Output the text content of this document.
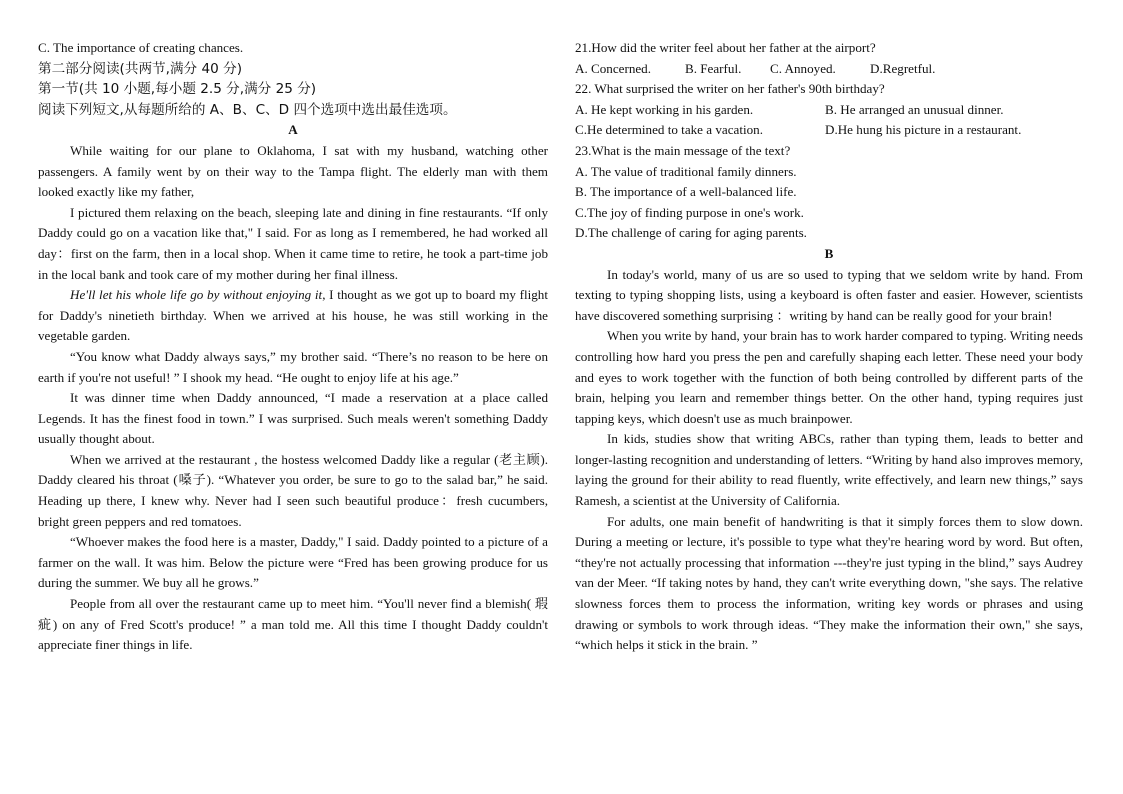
C. The importance of creating chances.
第二部分阅读(共两节,满分 40 分)
第一节(共 10 小题,每小题 2.5 分,满分 25 分)
阅读下列短文,从每题所给的 A、B、C、D 四个选项中选出最佳选项。
A
While waiting for our plane to Oklahoma, I sat with my husband, watching other passengers. A family went by on their way to the Tampa flight. The elderly man with them looked exactly like my father,
I pictured them relaxing on the beach, sleeping late and dining in fine restaurants. “If only Daddy could go on a vacation like that," I said. For as long as I remembered, he had worked all day：first on the farm, then in a local shop. When it came time to retire, he took a part-time job in the local bank and took care of my mother during her final illness.
He'll let his whole life go by without enjoying it, I thought as we got up to board my flight for Daddy's ninetieth birthday. When we arrived at his house, he was still working in the vegetable garden.
“You know what Daddy always says,” my brother said. “There’s no reason to be here on earth if you're not useful! ” I shook my head. “He ought to enjoy life at his age.”
It was dinner time when Daddy announced, “I made a reservation at a place called Legends. It has the finest food in town.” I was surprised. Such meals weren't something Daddy usually thought about.
When we arrived at the restaurant , the hostess welcomed Daddy like a regular (老主顾). Daddy cleared his throat (嗓子). “Whatever you order, be sure to go to the salad bar,” he said. Heading up there, I knew why. Never had I seen such beautiful produce：fresh cucumbers, bright green peppers and red tomatoes.
“Whoever makes the food here is a master, Daddy," I said. Daddy pointed to a picture of a farmer on the wall. It was him. Below the picture were “Fred has been growing produce for us during the summer. We buy all he grows.”
People from all over the restaurant came up to meet him. “You'll never find a blemish( 瑕疵) on any of Fred Scott's produce! ” a man told me. All this time I thought Daddy couldn't appreciate finer things in life.
21.How did the writer feel about her father at the airport?
A. Concerned.	B. Fearful. C. Annoyed.	D.Regretful.
22. What surprised the writer on her father's 90th birthday?
A. He kept working in his garden.	B. He arranged an unusual dinner.
C.He determined to take a vacation.	D.He hung his picture in a restaurant.
23.What is the main message of the text?
A. The value of traditional family dinners.
B. The importance of a well-balanced life.
C.The joy of finding purpose in one's work.
D.The challenge of caring for aging parents.
B
In today's world, many of us are so used to typing that we seldom write by hand. From texting to typing shopping lists, using a keyboard is often faster and easier. However, scientists have discovered something surprising ：writing by hand can be really good for your brain!
When you write by hand, your brain has to work harder compared to typing. Writing needs controlling how hard you press the pen and carefully shaping each letter. These need your body and eyes to work together with the function of both being controlled by different parts of the brain, helping you learn and remember things better. On the other hand, typing requires just tapping keys, which doesn't use as much brainpower.
In kids, studies show that writing ABCs, rather than typing them, leads to better and longer-lasting recognition and understanding of letters. “Writing by hand also improves memory, laying the ground for their ability to read fluently, write effectively, and learn new things,” says Ramesh, a scientist at the University of California.
For adults, one main benefit of handwriting is that it simply forces them to slow down. During a meeting or lecture, it's possible to type what they're hearing word by word. But often, “they're not actually processing that information ---they're just typing in the blind,” says Audrey van der Meer. “If taking notes by hand, they can't write everything down, "she says. The relative slowness forces them to process the information, writing key words or phrases and using drawing or symbols to work through ideas. “They make the information their own," she says, “which helps it stick in the brain. ”
